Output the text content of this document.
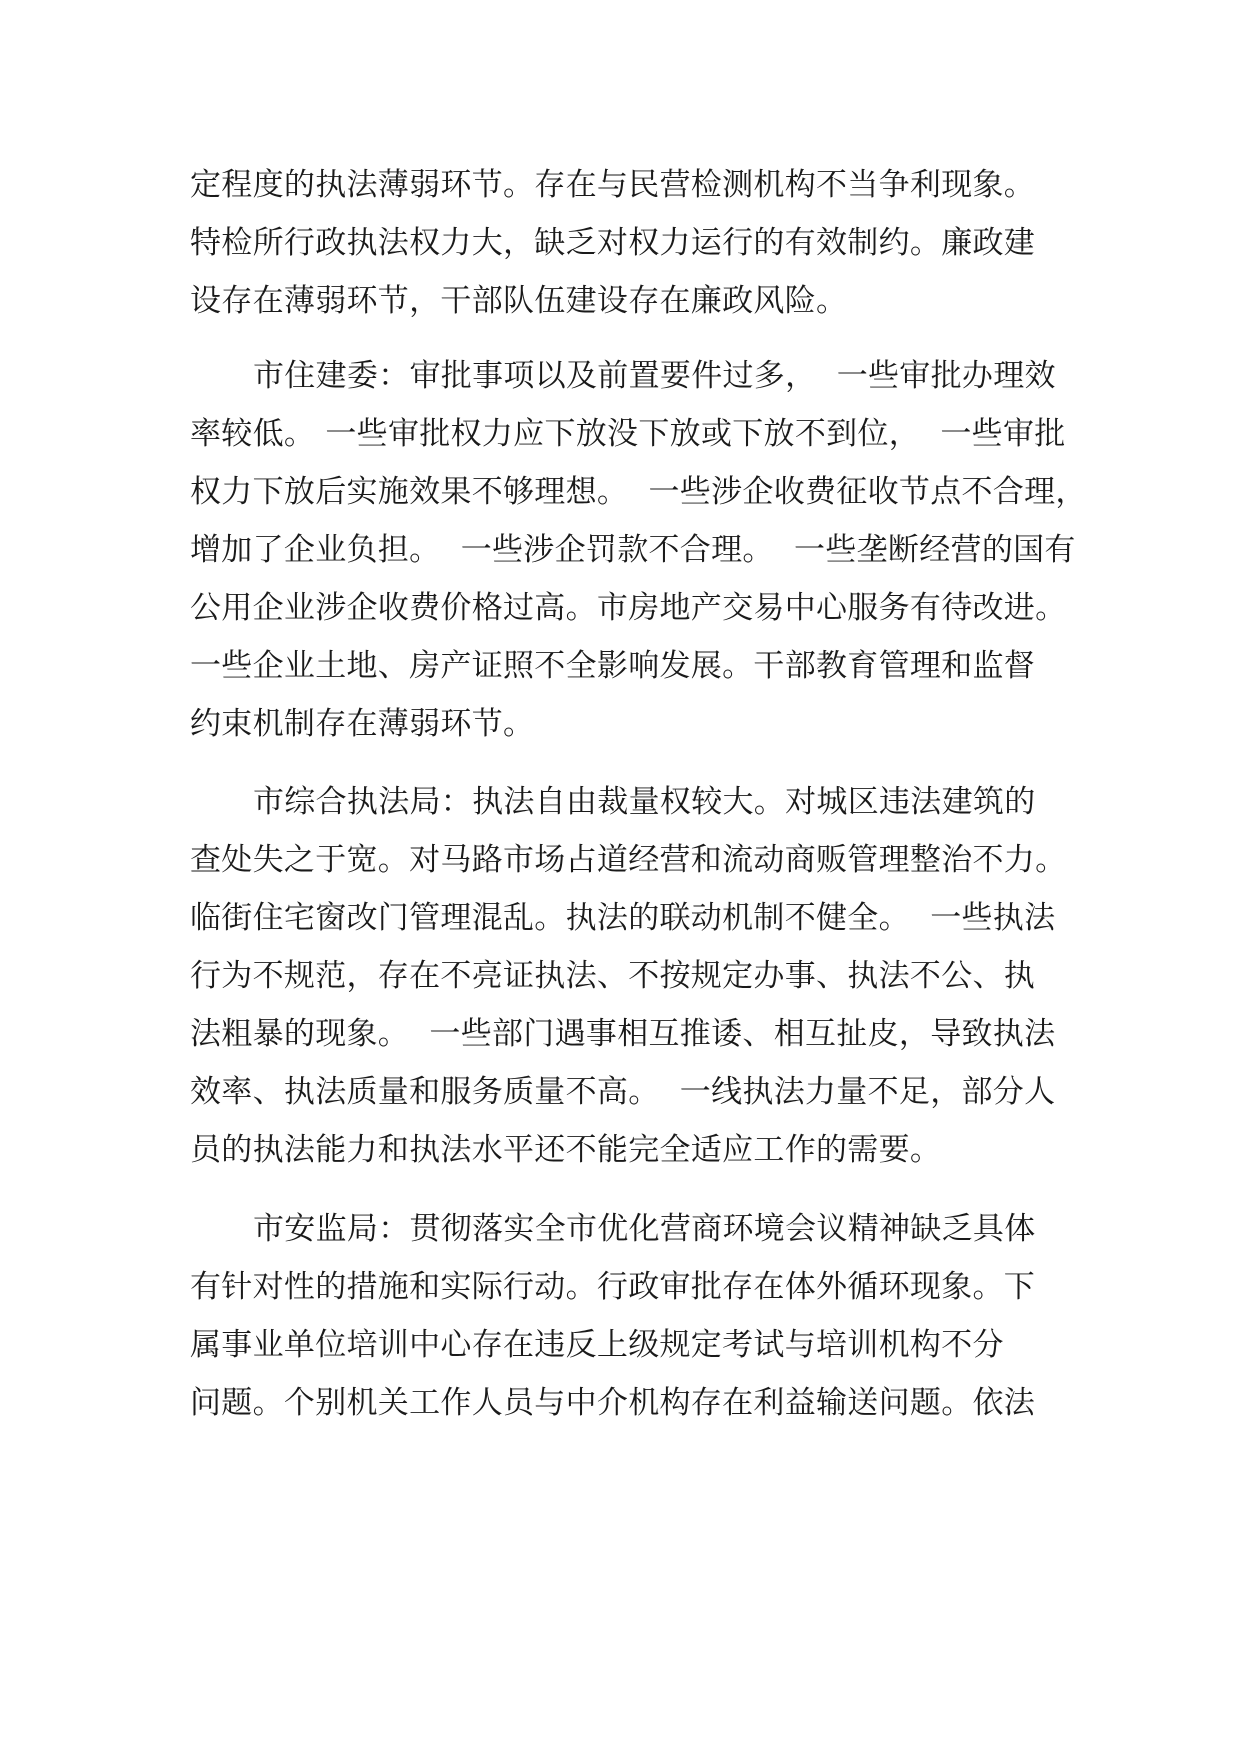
定程度的执法薄弱环节。存在与民营检测机构不当争利现象。
特检所行政执法权力大，缺乏对权力运行的有效制约。廉政建
设存在薄弱环节，干部队伍建设存在廉政风险。
市住建委：审批事项以及前置要件过多，  一些审批办理效
率较低。 一些审批权力应下放没下放或下放不到位，  一些审批
权力下放后实施效果不够理想。  一些涉企收费征收节点不合理，
增加了企业负担。  一些涉企罚款不合理。  一些垄断经营的国有
公用企业涉企收费价格过高。市房地产交易中心服务有待改进。
一些企业土地、房产证照不全影响发展。干部教育管理和监督
约束机制存在薄弱环节。
市综合执法局：执法自由裁量权较大。对城区违法建筑的
查处失之于宽。对马路市场占道经营和流动商贩管理整治不力。
临街住宅窗改门管理混乱。执法的联动机制不健全。  一些执法
行为不规范，存在不亮证执法、不按规定办事、执法不公、执
法粗暴的现象。  一些部门遇事相互推诿、相互扯皮，导致执法
效率、执法质量和服务质量不高。  一线执法力量不足，部分人
员的执法能力和执法水平还不能完全适应工作的需要。
市安监局：贯彻落实全市优化营商环境会议精神缺乏具体
有针对性的措施和实际行动。行政审批存在体外循环现象。下
属事业单位培训中心存在违反上级规定考试与培训机构不分
问题。个别机关工作人员与中介机构存在利益输送问题。依法
